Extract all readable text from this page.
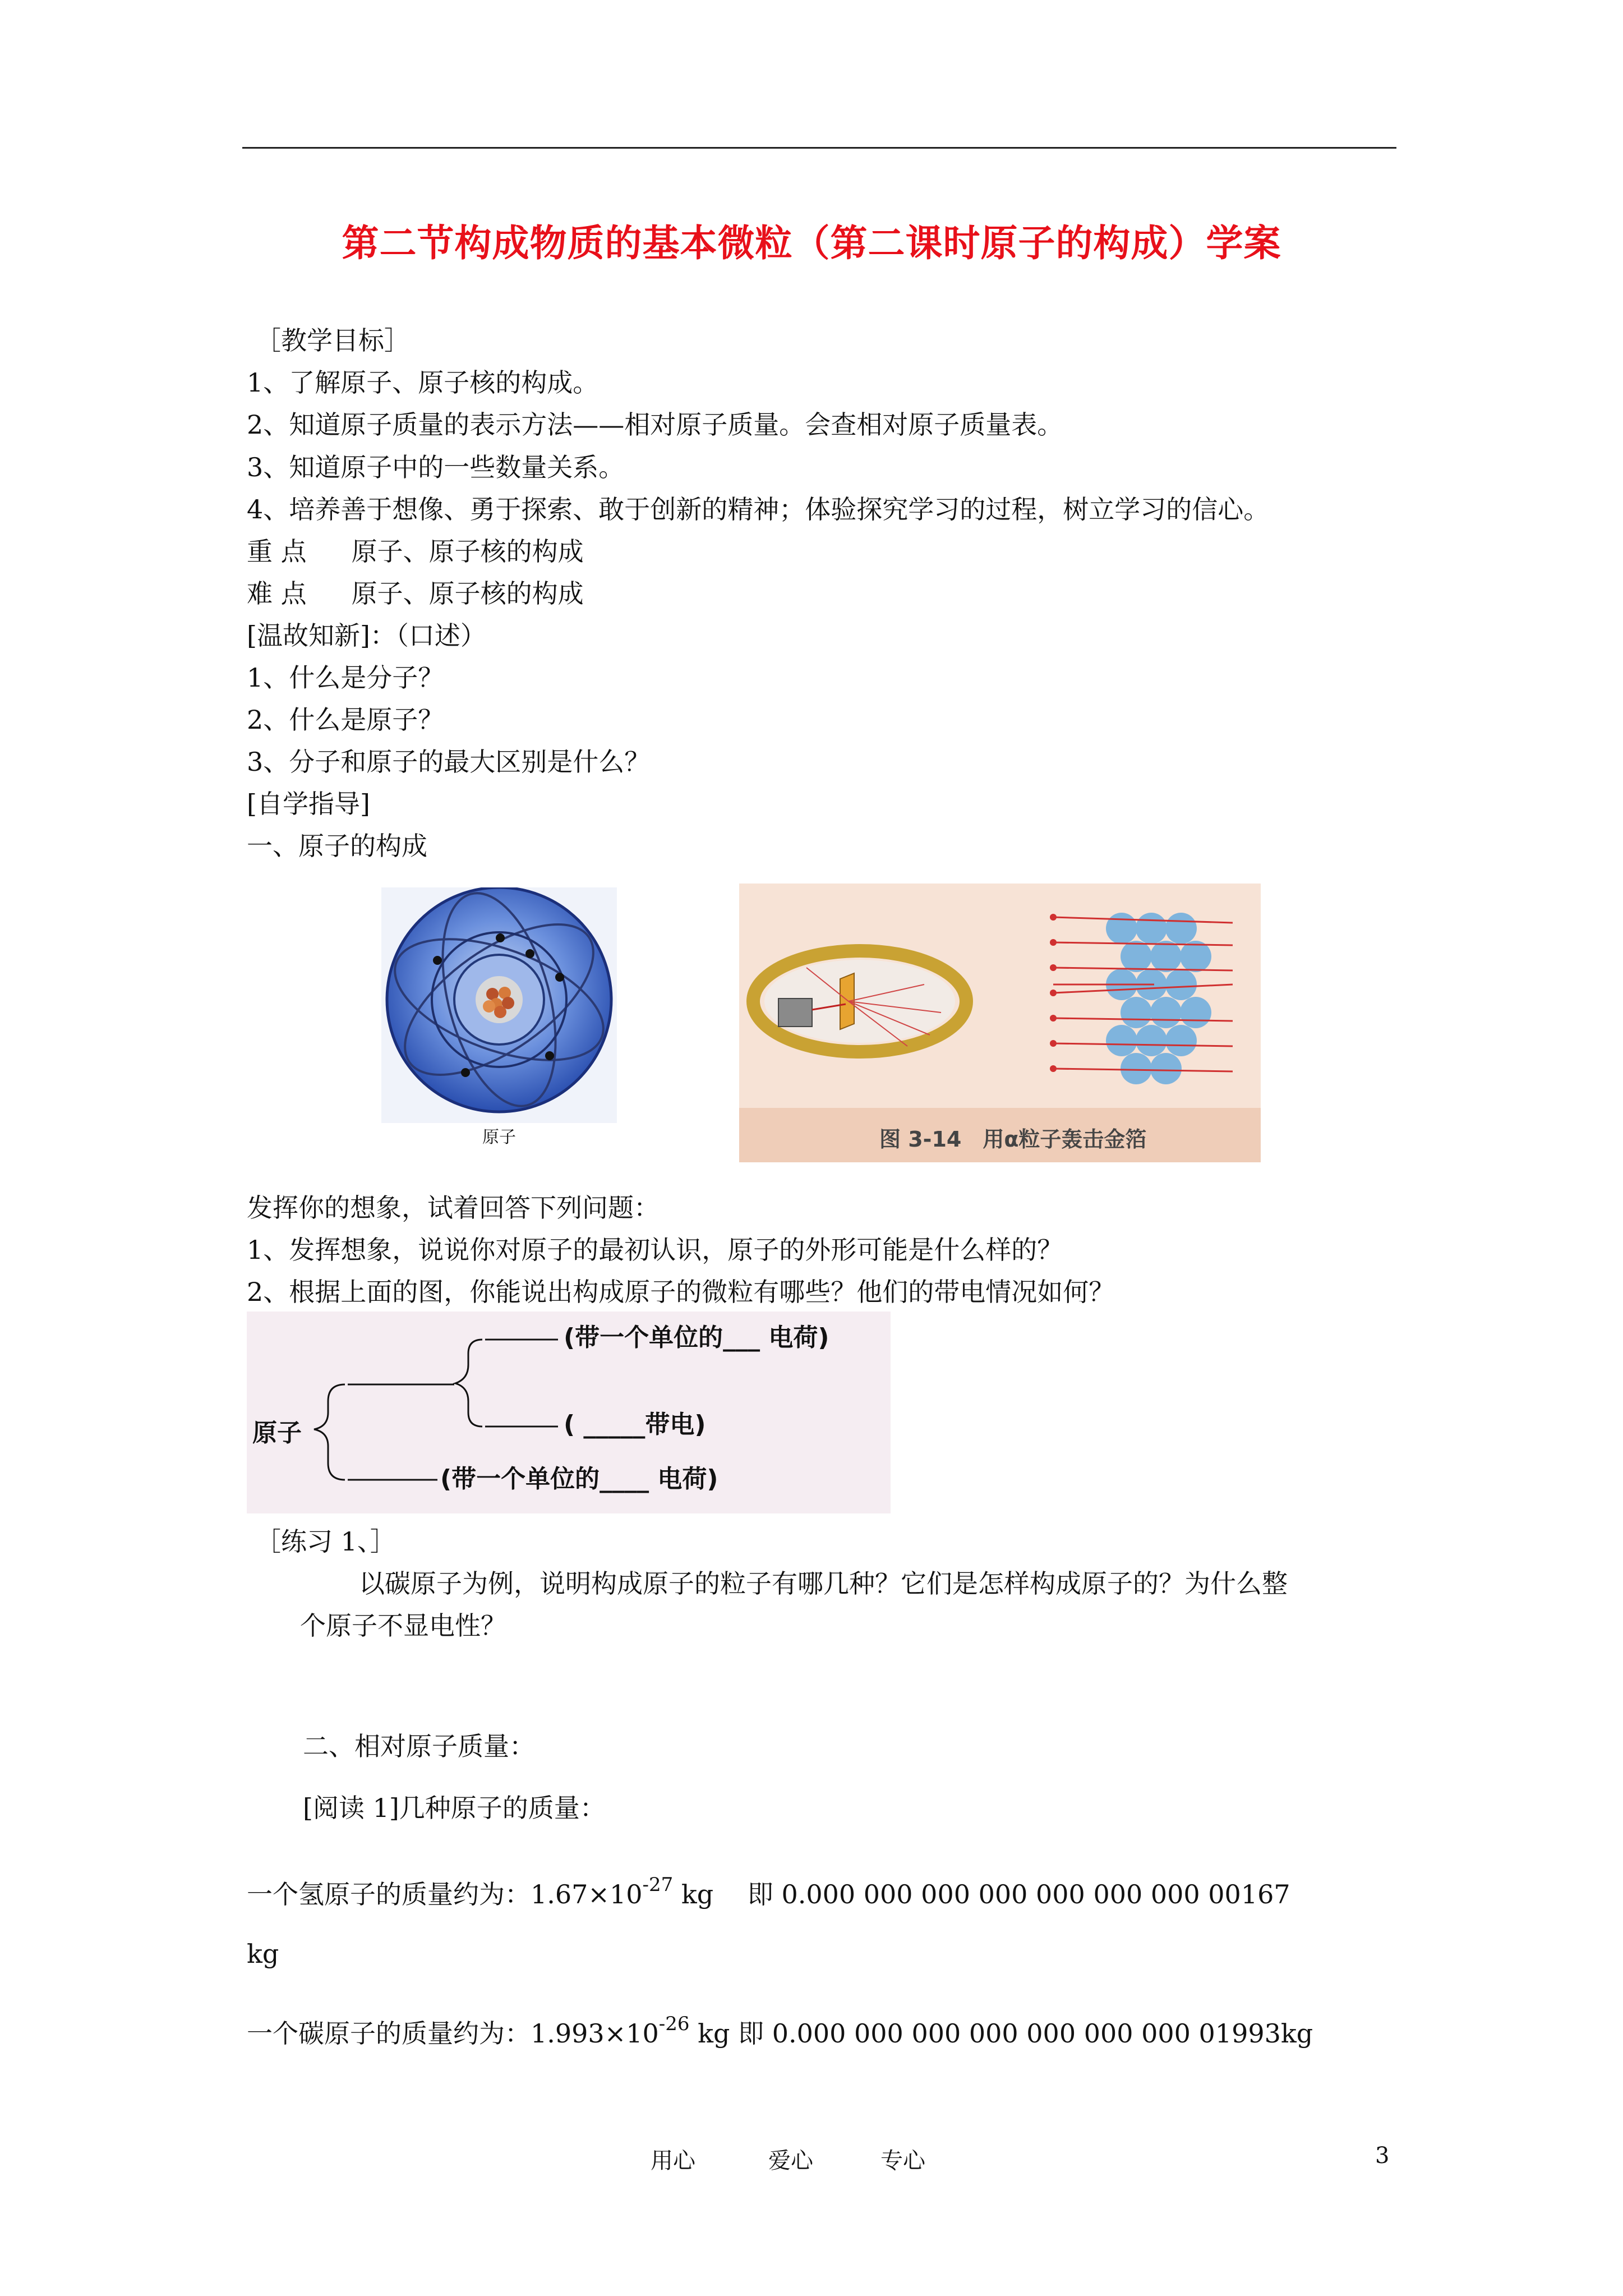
第二节构成物质的基本微粒（第二课时原子的构成）学案
［教学目标］
1、了解原子、原子核的构成。
2、知道原子质量的表示方法——相对原子质量。会查相对原子质量表。
3、知道原子中的一些数量关系。
4、培养善于想像、勇于探索、敢于创新的精神；体验探究学习的过程，树立学习的信心。
重 点 原子、原子核的构成
难 点 原子、原子核的构成
[温故知新]：（口述）
1、什么是分子？
2、什么是原子？
3、分子和原子的最大区别是什么？
[自学指导]
一、原子的构成
原子	图 3-14　用α粒子轰击金箔
发挥你的想象，试着回答下列问题：
1、发挥想象，说说你对原子的最初认识，原子的外形可能是什么样的？
2、根据上面的图，你能说出构成原子的微粒有哪些？他们的带电情况如何？
原子
(带一个单位的___ 电荷)
( _____带电)
(带一个单位的____ 电荷)
［练习 1、］
以碳原子为例，说明构成原子的粒子有哪几种？它们是怎样构成原子的？为什么整
个原子不显电性？
二、相对原子质量：
[阅读 1]几种原子的质量：
一个氢原子的质量约为：$1.67\times 10^{-27}$ kg　 即 0.000 000 000 000 000 000 000 00167
kg
一个碳原子的质量约为：$1.993\times 10^{-26}$ kg 即 0.000 000 000 000 000 000 000 01993kg
用心	爱心	专心	3
